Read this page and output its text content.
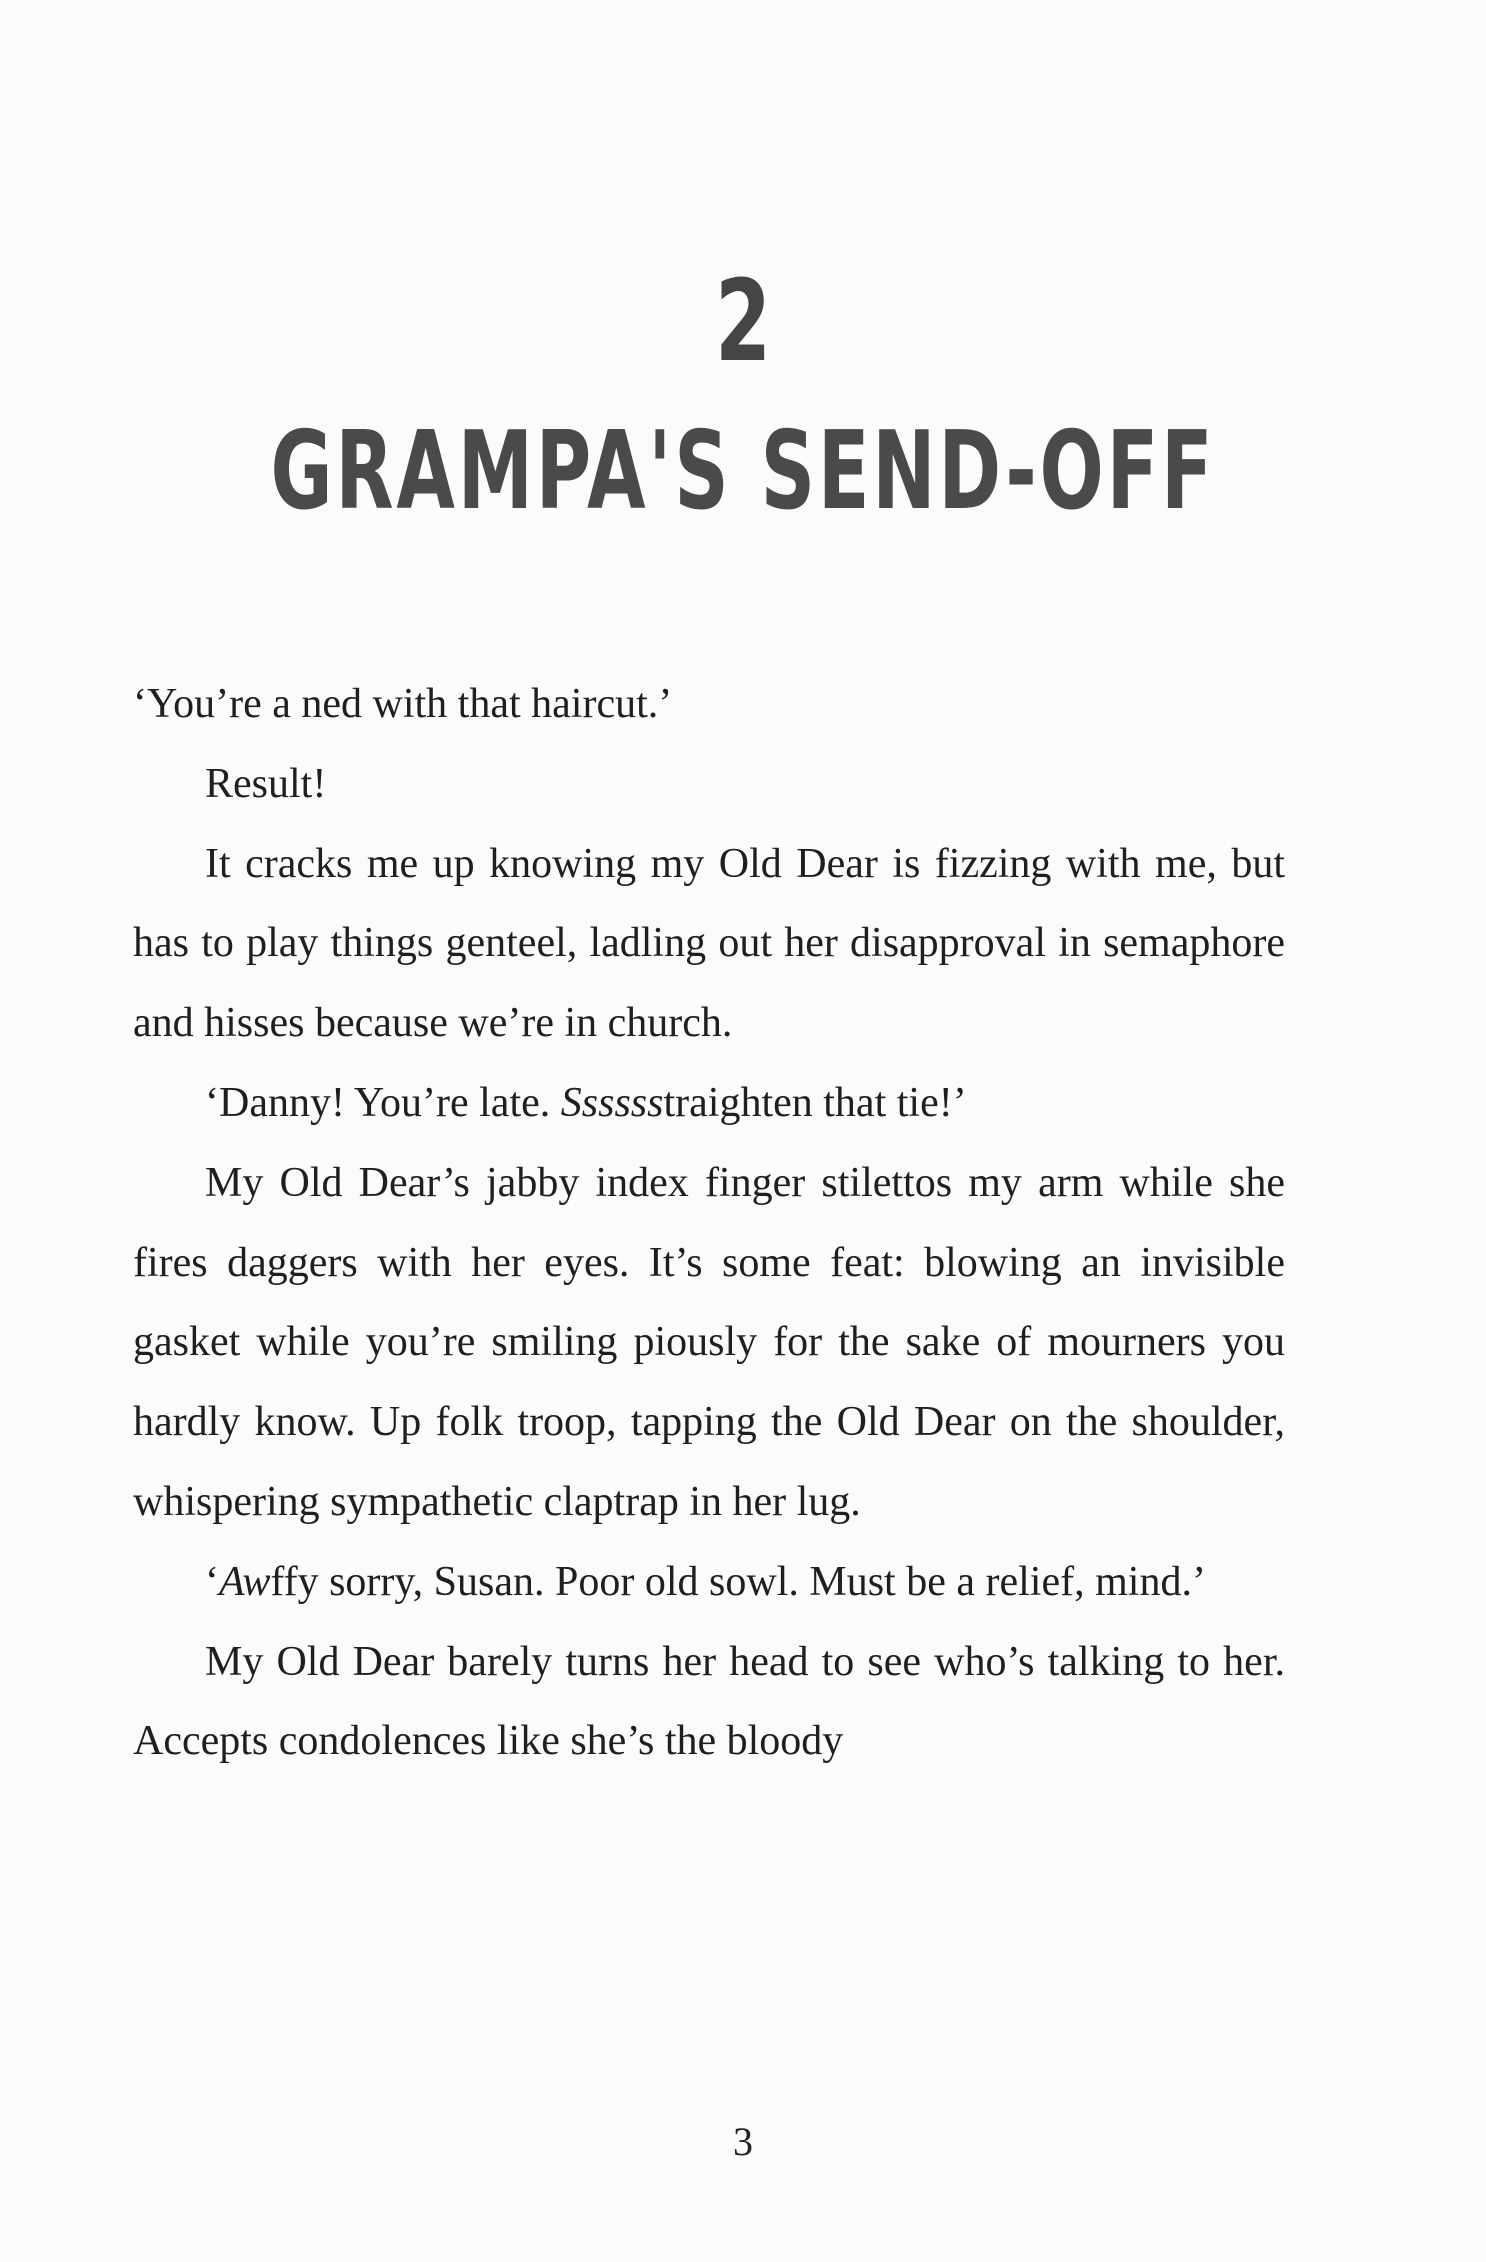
2
GRAMPA'S SEND-OFF

‘You’re a ned with that haircut.’

Result!

It cracks me up knowing my Old Dear is fizzing with me, but has to play things genteel, ladling out her disapproval in semaphore and hisses because we’re in church.

‘Danny! You’re late. Sssssstraighten that tie!’

My Old Dear’s jabby index finger stilettos my arm while she fires daggers with her eyes. It’s some feat: blowing an invisible gasket while you’re smiling piously for the sake of mourners you hardly know. Up folk troop, tapping the Old Dear on the shoulder, whispering sympathetic claptrap in her lug.

‘Awffy sorry, Susan. Poor old sowl. Must be a relief, mind.’

My Old Dear barely turns her head to see who’s talking to her. Accepts condolences like she’s the bloody

3
